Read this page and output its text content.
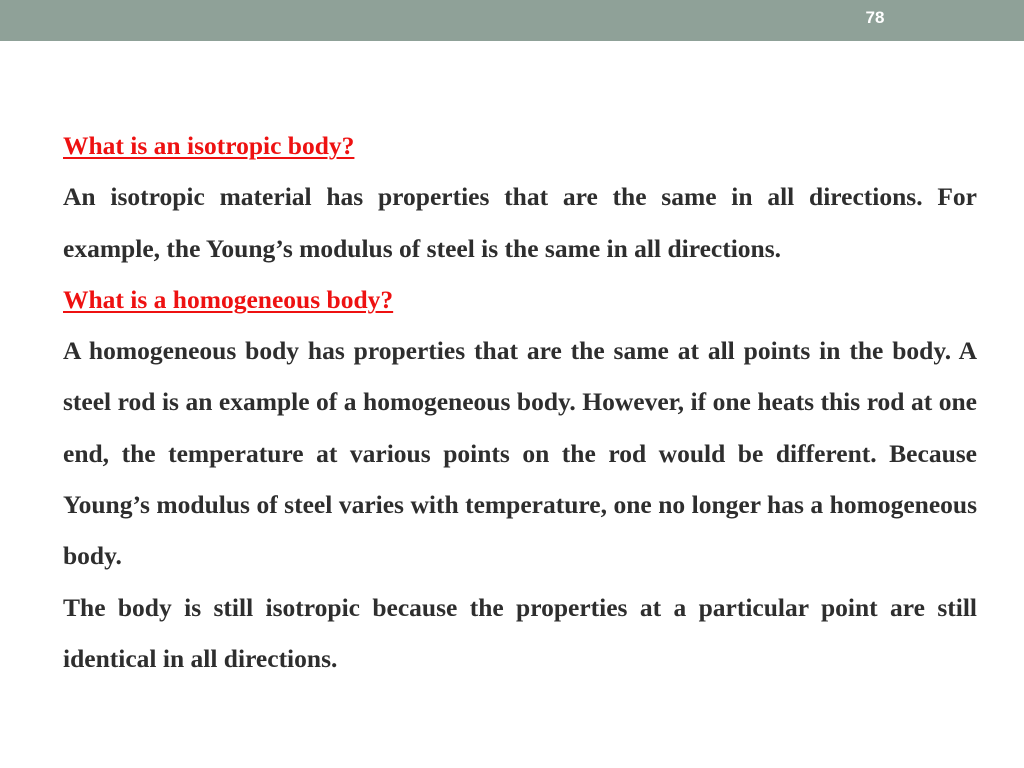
78

What is an isotropic body?

An isotropic material has properties that are the same in all directions. For example, the Young’s modulus of steel is the same in all directions.

What is a homogeneous body?

A homogeneous body has properties that are the same at all points in the body. A steel rod is an example of a homogeneous body. However, if one heats this rod at one end, the temperature at various points on the rod would be different. Because Young’s modulus of steel varies with temperature, one no longer has a homogeneous body.

The body is still isotropic because the properties at a particular point are still identical in all directions.
